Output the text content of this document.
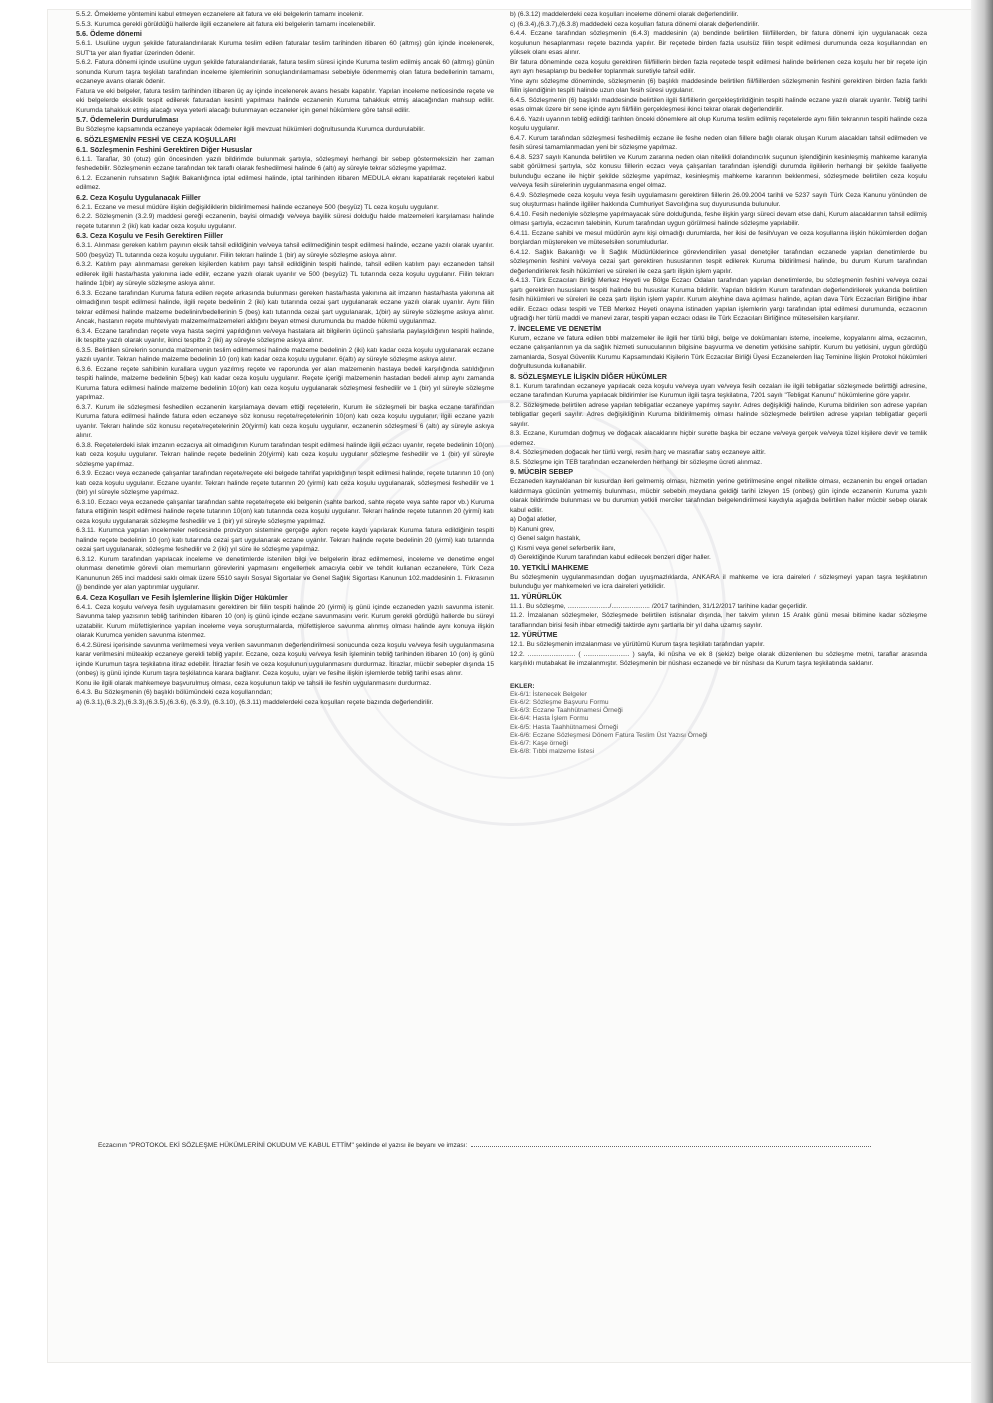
5.5.2. Ömekleme yöntemini kabul etmeyen eczanelere ait fatura ve eki belgelerin tamamı incelenir.

5.5.3. Kurumca gerekli görüldüğü hallerde ilgili eczanelere ait fatura eki belgelerin tamamı incelenebilir.

5.6. Ödeme dönemi

5.6.1. Usulüne uygun şekilde faturalandırılarak Kuruma teslim edilen faturalar teslim tarihinden itibaren 60 (altmış) gün içinde incelenerek, SUT'ta yer alan fiyatlar üzerinden ödenir.

5.6.2. Fatura dönemi içinde usulüne uygun şekilde faturalandırılarak, fatura teslim süresi içinde Kuruma teslim edilmiş ancak 60 (altmış) günün sonunda Kurum taşra teşkilatı tarafından inceleme işlemlerinin sonuçlandırılamaması sebebiyle ödenmemiş olan fatura bedellerinin tamamı, eczaneye avans olarak ödenir.

Fatura ve eki belgeler, fatura teslim tarihinden itibaren üç ay içinde incelenerek avans hesabı kapatılır. Yapılan inceleme neticesinde reçete ve eki belgelerde eksiklik tespit edilerek faturadan kesinti yapılması halinde eczanenin Kuruma tahakkuk etmiş alacağından mahsup edilir. Kurumda tahakkuk etmiş alacağı veya yeterli alacağı bulunmayan eczaneler için genel hükümlere göre tahsil edilir.

5.7. Ödemelerin Durdurulması

Bu Sözleşme kapsamında eczaneye yapılacak ödemeler ilgili mevzuat hükümleri doğrultusunda Kurumca durdurulabilir.

6. SÖZLEŞMENİN FESHİ VE CEZA KOŞULLARI

6.1. Sözleşmenin Feshini Gerektiren Diğer Hususlar

6.1.1. Taraflar, 30 (otuz) gün öncesinden yazılı bildirimde bulunmak şartıyla, sözleşmeyi herhangi bir sebep göstermeksizin her zaman feshedebilir. Sözleşmenin eczane tarafından tek taraflı olarak feshedilmesi halinde 6 (altı) ay süreyle tekrar sözleşme yapılmaz.

6.1.2. Eczanenin ruhsatının Sağlık Bakanlığınca iptal edilmesi halinde, iptal tarihinden itibaren MEDULA ekranı kapatılarak reçeteleri kabul edilmez.

6.2. Ceza Koşulu Uygulanacak Fiiller

6.2.1. Eczane ve mesul müdüre ilişkin değişikliklerin bildirilmemesi halinde eczaneye 500 (beşyüz) TL ceza koşulu uygulanır.

6.2.2. Sözleşmenin (3.2.9) maddesi gereği eczanenin, bayisi olmadığı ve/veya bayilik süresi dolduğu halde malzemeleri karşılaması halinde reçete tutarının 2 (iki) katı kadar ceza koşulu uygulanır.

6.3. Ceza Koşulu ve Fesih Gerektiren Fiiller

6.3.1. Alınması gereken katılım payının eksik tahsil edildiğinin ve/veya tahsil edilmediğinin tespit edilmesi halinde, eczane yazılı olarak uyarılır. 500 (beşyüz) TL tutarında ceza koşulu uygulanır. Fiilin tekrarı halinde 1 (bir) ay süreyle sözleşme askıya alınır.

6.3.2. Katılım payı alınmaması gereken kişilerden katılım payı tahsil edildiğinin tespiti halinde, tahsil edilen katılım payı eczaneden tahsil edilerek ilgili hasta/hasta yakınına iade edilir, eczane yazılı olarak uyarılır ve 500 (beşyüz) TL tutarında ceza koşulu uygulanır. Fiilin tekrarı halinde 1(bir) ay süreyle sözleşme askıya alınır.

6.3.3. Eczane tarafından Kuruma fatura edilen reçete arkasında bulunması gereken hasta/hasta yakınına ait imzanın hasta/hasta yakınına ait olmadığının tespit edilmesi halinde, ilgili reçete bedelinin 2 (iki) katı tutarında cezai şart uygulanarak eczane yazılı olarak uyarılır. Aynı fiilin tekrar edilmesi halinde malzeme bedelinin/bedellerinin 5 (beş) katı tutarında cezai şart uygulanarak, 1(bir) ay süreyle sözleşme askıya alınır. Ancak, hastanın reçete muhteviyatı malzeme/malzemeleri aldığını beyan etmesi durumunda bu madde hükmü uygulanmaz.

6.3.4. Eczane tarafından reçete veya hasta seçimi yapıldığının ve/veya hastalara ait bilgilerin üçüncü şahıslarla paylaşıldığının tespiti halinde, ilk tespitte yazılı olarak uyarılır, ikinci tespitte 2 (iki) ay süreyle sözleşme askıya alınır.

6.3.5. Belirtilen sürelerin sonunda malzemenin teslim edilmemesi halinde malzeme bedelinin 2 (iki) katı kadar ceza koşulu uygulanarak eczane yazılı uyarılır. Tekrarı halinde malzeme bedelinin 10 (on) katı kadar ceza koşulu uygulanır. 6(altı) ay süreyle sözleşme askıya alınır.

6.3.6. Eczane reçete sahibinin kurallara uygun yazılmış reçete ve raporunda yer alan malzemenin hastaya bedeli karşılığında satıldığının tespiti halinde, malzeme bedelinin 5(beş) katı kadar ceza koşulu uygulanır. Reçete içeriği malzemenin hastadan bedeli alınıp aynı zamanda Kuruma fatura edilmesi halinde malzeme bedelinin 10(on) katı ceza koşulu uygulanarak sözleşmesi feshedilir ve 1 (bir) yıl süreyle sözleşme yapılmaz.

6.3.7. Kurum ile sözleşmesi feshedilen eczanenin karşılamaya devam ettiği reçetelerin, Kurum ile sözleşmeli bir başka eczane tarafından Kuruma fatura edilmesi halinde fatura eden eczaneye söz konusu reçete/reçetelerinin 10(on) katı ceza koşulu uygulanır, ilgili eczane yazılı uyarılır. Tekrarı halinde söz konusu reçete/reçetelerinin 20(yirmi) katı ceza koşulu uygulanır, eczanenin sözleşmesi 6 (altı) ay süreyle askıya alınır.

6.3.8. Reçetelerdeki islak imzanın eczacıya ait olmadığının Kurum tarafından tespit edilmesi halinde ilgili eczacı uyarılır, reçete bedelinin 10(on) katı ceza koşulu uygulanır. Tekrarı halinde reçete bedelinin 20(yirmi) katı ceza koşulu uygulanır sözleşme feshedilir ve 1 (bir) yıl süreyle sözleşme yapılmaz.

6.3.9. Eczacı veya eczanede çalışanlar tarafından reçete/reçete eki belgede tahrifat yapıldığının tespit edilmesi halinde, reçete tutarının 10 (on) katı ceza koşulu uygulanır. Eczane uyarılır. Tekrarı halinde reçete tutarının 20 (yirmi) katı ceza koşulu uygulanarak, sözleşmesi feshedilir ve 1 (bir) yıl süreyle sözleşme yapılmaz.

6.3.10. Eczacı veya eczanede çalışanlar tarafından sahte reçete/reçete eki belgenin (sahte barkod, sahte reçete veya sahte rapor vb.) Kuruma fatura ettiğinin tespit edilmesi halinde reçete tutarının 10(on) katı tutarında ceza koşulu uygulanır. Tekrarı halinde reçete tutarının 20 (yirmi) katı ceza koşulu uygulanarak sözleşme feshedilir ve 1 (bir) yıl süreyle sözleşme yapılmaz.

6.3.11. Kurumca yapılan incelemeler neticesinde provizyon sistemine gerçeğe aykırı reçete kaydı yapılarak Kuruma fatura edildiğinin tespiti halinde reçete bedelinin 10 (on) katı tutarında cezai şart uygulanarak eczane uyarılır. Tekrarı halinde reçete bedelinin 20 (yirmi) katı tutarında cezai şart uygulanarak, sözleşme feshedilir ve 2 (iki) yıl süre ile sözleşme yapılmaz.

6.3.12. Kurum tarafından yapılacak inceleme ve denetimlerde istenilen bilgi ve belgelerin ibraz edilmemesi, inceleme ve denetime engel olunması denetimle görevli olan memurların görevlerini yapmasını engellemek amacıyla cebir ve tehdit kullanan eczanelere, Türk Ceza Kanununun 265 inci maddesi saklı olmak üzere 5510 sayılı Sosyal Sigortalar ve Genel Sağlık Sigortası Kanunun 102.maddesinin 1. Fıkrasının (j) bendinde yer alan yaptırımlar uygulanır.

6.4. Ceza Koşulları ve Fesih İşlemlerine İlişkin Diğer Hükümler

6.4.1. Ceza koşulu ve/veya fesih uygulamasını gerektiren bir fiilin tespiti halinde 20 (yirmi) iş günü içinde eczaneden yazılı savunma istenir. Savunma talep yazısının tebliğ tarihinden itibaren 10 (on) iş günü içinde eczane savunmasını verir. Kurum gerekli gördüğü hallerde bu süreyi uzatabilir. Kurum müfettişlerince yapılan inceleme veya soruşturmalarda, müfettişlerce savunma alınmış olması halinde aynı konuya ilişkin olarak Kurumca yeniden savunma istenmez.

6.4.2.Süresi içerisinde savunma verilmemesi veya verilen savunmanın değerlendirilmesi sonucunda ceza koşulu ve/veya fesih uygulanmasına karar verilmesini müteakip eczaneye gerekli tebliğ yapılır. Eczane, ceza koşulu ve/veya fesih işleminin tebliğ tarihinden itibaren 10 (on) iş günü içinde Kurumun taşra teşkilatına itiraz edebilir. İtirazlar fesih ve ceza koşulunun uygulanmasını durdurmaz. İtirazlar, mücbir sebepler dışında 15 (onbeş) iş günü içinde Kurum taşra teşkilatınca karara bağlanır. Ceza koşulu, uyarı ve fesihe ilişkin işlemlerde tebliğ tarihi esas alınır.

Konu ile ilgili olarak mahkemeye başvurulmuş olması, ceza koşulunun takip ve tahsili ile feshin uygulanmasını durdurmaz.

6.4.3. Bu Sözleşmenin (6) başlıklı bölümündeki ceza koşullarından;

a) (6.3.1),(6.3.2),(6.3.3),(6.3.5),(6.3.6), (6.3.9), (6.3.10), (6.3.11) maddelerdeki ceza koşulları reçete bazında değerlendirilir.

b) (6.3.12) maddelerdeki ceza koşulları inceleme dönemi olarak değerlendirilir.

c) (6.3.4),(6.3.7),(6.3.8) maddedeki ceza koşulları fatura dönemi olarak değerlendirilir.

6.4.4. Eczane tarafından sözleşmenin (6.4.3) maddesinin (a) bendinde belirtilen fiil/fiillerden, bir fatura dönemi için uygulanacak ceza koşulunun hesaplanması reçete bazında yapılır. Bir reçetede birden fazla usulsüz fiilin tespit edilmesi durumunda ceza koşullarından en yüksek olanı esas alınır.

Bir fatura döneminde ceza koşulu gerektiren fiil/fiillerin birden fazla reçetede tespit edilmesi halinde belirlenen ceza koşulu her bir reçete için ayrı ayrı hesaplanıp bu bedeller toplanmak suretiyle tahsil edilir.

Yine aynı sözleşme döneminde, sözleşmenin (6) başlıklı maddesinde belirtilen fiil/fiillerden sözleşmenin feshini gerektiren birden fazla farklı fiilin işlendiğinin tespiti halinde uzun olan fesih süresi uygulanır.

6.4.5. Sözleşmenin (6) başlıklı maddesinde belirtilen ilgili fiil/fiillerin gerçekleştirildiğinin tespiti halinde eczane yazılı olarak uyarılır. Tebliğ tarihi esas olmak üzere bir sene içinde aynı fiil/fiilin gerçekleşmesi ikinci tekrar olarak değerlendirilir.

6.4.6. Yazılı uyarının tebliğ edildiği tarihten önceki dönemlere ait olup Kuruma teslim edilmiş reçetelerde aynı fiilin tekrarının tespiti halinde ceza koşulu uygulanır.

6.4.7. Kurum tarafından sözleşmesi feshedilmiş eczane ile feshe neden olan fiillere bağlı olarak oluşan Kurum alacakları tahsil edilmeden ve fesih süresi tamamlanmadan yeni bir sözleşme yapılmaz.

6.4.8. 5237 sayılı Kanunda belirtilen ve Kurum zararına neden olan nitelikli dolandırıcılık suçunun işlendiğinin kesinleşmiş mahkeme kararıyla sabit görülmesi şartıyla, söz konusu fiillerin eczacı veya çalışanları tarafından işlendiği durumda ilgililerin herhangi bir şekilde faaliyette bulunduğu eczane ile hiçbir şekilde sözleşme yapılmaz, kesinleşmiş mahkeme kararının beklenmesi, sözleşmede belirtilen ceza koşulu ve/veya fesih sürelerinin uygulanmasına engel olmaz.

6.4.9. Sözleşmede ceza koşulu veya fesih uygulamasını gerektiren fiillerin 26.09.2004 tarihli ve 5237 sayılı Türk Ceza Kanunu yönünden de suç oluşturması halinde ilgililer hakkında Cumhuriyet Savcılığına suç duyurusunda bulunulur.

6.4.10. Fesih nedeniyle sözleşme yapılmayacak süre dolduğunda, feshe ilişkin yargı süreci devam etse dahi, Kurum alacaklarının tahsil edilmiş olması şartıyla, eczacının talebinin, Kurum tarafından uygun görülmesi halinde sözleşme yapılabilir.

6.4.11. Eczane sahibi ve mesul müdürün aynı kişi olmadığı durumlarda, her ikisi de fesih/uyarı ve ceza koşullarına ilişkin hükümlerden doğan borçlardan müştereken ve müteselsilen sorumludurlar.

6.4.12. Sağlık Bakanlığı ve İl Sağlık Müdürlüklerince görevlendirilen yasal denetçiler tarafından eczanede yapılan denetimlerde bu sözleşmenin feshini ve/veya cezai şart gerektiren hususlarının tespit edilerek Kuruma bildirilmesi halinde, bu durum Kurum tarafından değerlendirilerek fesih hükümleri ve süreleri ile ceza şartı ilişkin işlem yapılır.

6.4.13. Türk Eczacıları Birliği Merkez Heyeti ve Bölge Eczacı Odaları tarafından yapılan denetimlerde, bu sözleşmenin feshini ve/veya cezai şartı gerektiren hususların tespiti halinde bu hususlar Kuruma bildirilir. Yapılan bildirim Kurum tarafından değerlendirilerek yukarıda belirtilen fesih hükümleri ve süreleri ile ceza şartı ilişkin işlem yapılır. Kurum aleyhine dava açılması halinde, açılan dava Türk Eczacıları Birliğine ihbar edilir. Eczacı odası tespiti ve TEB Merkez Heyeti onayına istinaden yapılan işlemlerin yargı tarafından iptal edilmesi durumunda, eczacının uğradığı her türlü maddi ve manevi zarar, tespiti yapan eczacı odası ile Türk Eczacıları Birliğince müteselsilen karşılanır.

7. İNCELEME VE DENETİM

Kurum, eczane ve fatura edilen tıbbi malzemeler ile ilgili her türlü bilgi, belge ve dokümanları isteme, inceleme, kopyalarını alma, eczacının, eczane çalışanlarının ya da sağlık hizmeti sunucularının bilgisine başvurma ve denetim yetkisine sahiptir. Kurum bu yetkisini, uygun gördüğü zamanlarda, Sosyal Güvenlik Kurumu Kapsamındaki Kişilerin Türk Eczacılar Birliği Üyesi Eczanelerden İlaç Teminine İlişkin Protokol hükümleri doğrultusunda kullanabilir.

8. SÖZLEŞMEYLE İLİŞKİN DİĞER HÜKÜMLER

8.1. Kurum tarafından eczaneye yapılacak ceza koşulu ve/veya uyarı ve/veya fesih cezaları ile ilgili tebligatlar sözleşmede belirttiği adresine, eczane tarafından Kuruma yapılacak bildirimler ise Kurumun ilgili taşra teşkilatına, 7201 sayılı "Tebligat Kanunu" hükümlerine göre yapılır.

8.2. Sözleşmede belirtilen adrese yapılan tebligatlar eczaneye yapılmış sayılır. Adres değişikliği halinde, Kuruma bildirilen son adrese yapılan tebligatlar geçerli sayılır. Adres değişikliğinin Kuruma bildirilmemiş olması halinde sözleşmede belirtilen adrese yapılan tebligatlar geçerli sayılır.

8.3. Eczane, Kurumdan doğmuş ve doğacak alacaklarını hiçbir surette başka bir eczane ve/veya gerçek ve/veya tüzel kişilere devir ve temlik edemez.

8.4. Sözleşmeden doğacak her türlü vergi, resim harç ve masraflar satış eczaneye aittir.

8.5. Sözleşme için TEB tarafından eczanelerden herhangi bir sözleşme ücreti alınmaz.

9. MÜCBİR SEBEP

Eczaneden kaynaklanan bir kusurdan ileri gelmemiş olması, hizmetin yerine getirilmesine engel nitelikte olması, eczanenin bu engeli ortadan kaldırmaya gücünün yetmemiş bulunması, mücbir sebebin meydana geldiği tarihi izleyen 15 (onbeş) gün içinde eczanenin Kuruma yazılı olarak bildirimde bulunması ve bu durumun yetkili merciler tarafından belgelendirilmesi kaydıyla aşağıda belirtilen haller mücbir sebep olarak kabul edilir.

a) Doğal afetler,

b) Kanuni grev,

c) Genel salgın hastalık,

ç) Kısmi veya genel seferberlik ilanı,

d) Gerektiğinde Kurum tarafından kabul edilecek benzeri diğer haller.

10. YETKİLİ MAHKEME

Bu sözleşmenin uygulanmasından doğan uyuşmazlıklarda, ANKARA il mahkeme ve icra daireleri / sözleşmeyi yapan taşra teşkilatının bulunduğu yer mahkemeleri ve icra daireleri yetkilidir.

11. YÜRÜRLÜK

11.1. Bu sözleşme, ......................./..................... /2017 tarihinden, 31/12/2017 tarihine kadar geçerlidir.

11.2. İmzalanan sözleşmeler, Sözleşmede belirtilen istisnalar dışında, her takvim yılının 15 Aralık günü mesai bitimine kadar sözleşme taraflarından birisi fesih ihbar etmediği taktirde aynı şartlarla bir yıl daha uzamış sayılır.

12. YÜRÜTME

12.1. Bu sözleşmenin imzalanması ve yürütümü Kurum taşra teşkilatı tarafından yapılır.

12.2. .......................... ( ......................... ) sayfa, iki nüsha ve ek 8 (sekiz) belge olarak düzenlenen bu sözleşme metni, taraflar arasında karşılıklı mutabakat ile imzalanmıştır. Sözleşmenin bir nüshası eczanede ve bir nüshası da Kurum taşra teşkilatında saklanır.

EKLER:
Ek-6/1: İstenecek Belgeler
Ek-6/2: Sözleşme Başvuru Formu
Ek-6/3: Eczane Taahhütnamesi Örneği
Ek-6/4: Hasta İşlem Formu
Ek-6/5: Hasta Taahhütnamesi Örneği
Ek-6/6: Eczane Sözleşmesi Dönem Fatura Teslim Üst Yazısı Örneği
Ek-6/7: Kaşe örneği
Ek-6/8: Tıbbi malzeme listesi
Eczacının "PROTOKOL EKİ SÖZLEŞME HÜKÜMLERİNİ OKUDUM VE KABUL ETTİM" şeklinde el yazısı ile beyanı ve imzası:
